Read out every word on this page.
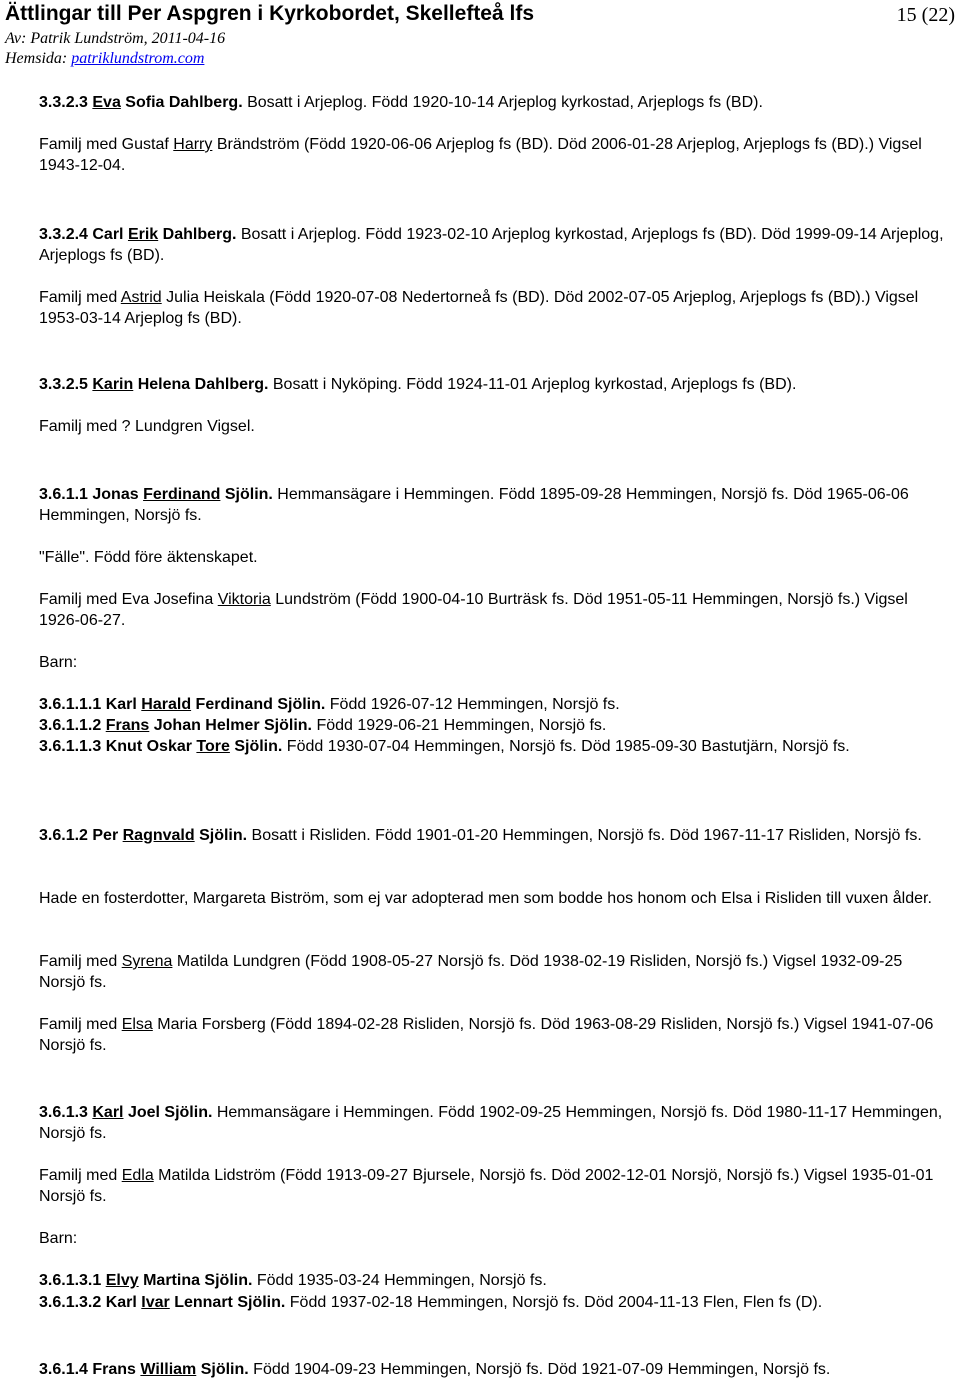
Ättlingar till Per Aspgren i Kyrkobordet, Skellefteå lfs	15 (22)
Av: Patrik Lundström, 2011-04-16
Hemsida: patriklundstrom.com

3.3.2.3 Eva Sofia Dahlberg. Bosatt i Arjeplog. Född 1920-10-14 Arjeplog kyrkostad, Arjeplogs fs (BD).

Familj med Gustaf Harry Brändström (Född 1920-06-06 Arjeplog fs (BD). Död 2006-01-28 Arjeplog, Arjeplogs fs (BD).) Vigsel 1943-12-04.

3.3.2.4 Carl Erik Dahlberg. Bosatt i Arjeplog. Född 1923-02-10 Arjeplog kyrkostad, Arjeplogs fs (BD). Död 1999-09-14 Arjeplog, Arjeplogs fs (BD).

Familj med Astrid Julia Heiskala (Född 1920-07-08 Nedertorneå fs (BD). Död 2002-07-05 Arjeplog, Arjeplogs fs (BD).) Vigsel 1953-03-14 Arjeplog fs (BD).

3.3.2.5 Karin Helena Dahlberg. Bosatt i Nyköping. Född 1924-11-01 Arjeplog kyrkostad, Arjeplogs fs (BD).

Familj med ? Lundgren Vigsel.

3.6.1.1 Jonas Ferdinand Sjölin. Hemmansägare i Hemmingen. Född 1895-09-28 Hemmingen, Norsjö fs. Död 1965-06-06 Hemmingen, Norsjö fs.

"Fälle". Född före äktenskapet.

Familj med Eva Josefina Viktoria Lundström (Född 1900-04-10 Burträsk fs. Död 1951-05-11 Hemmingen, Norsjö fs.) Vigsel 1926-06-27.

Barn:

3.6.1.1.1 Karl Harald Ferdinand Sjölin. Född 1926-07-12 Hemmingen, Norsjö fs.

3.6.1.1.2 Frans Johan Helmer Sjölin. Född 1929-06-21 Hemmingen, Norsjö fs.

3.6.1.1.3 Knut Oskar Tore Sjölin. Född 1930-07-04 Hemmingen, Norsjö fs. Död 1985-09-30 Bastutjärn, Norsjö fs.

3.6.1.2 Per Ragnvald Sjölin. Bosatt i Risliden. Född 1901-01-20 Hemmingen, Norsjö fs. Död 1967-11-17 Risliden, Norsjö fs.

Hade en fosterdotter, Margareta Biström, som ej var adopterad men som bodde hos honom och Elsa i Risliden till vuxen ålder.

Familj med Syrena Matilda Lundgren (Född 1908-05-27 Norsjö fs. Död 1938-02-19 Risliden, Norsjö fs.) Vigsel 1932-09-25 Norsjö fs.

Familj med Elsa Maria Forsberg (Född 1894-02-28 Risliden, Norsjö fs. Död 1963-08-29 Risliden, Norsjö fs.) Vigsel 1941-07-06 Norsjö fs.

3.6.1.3 Karl Joel Sjölin. Hemmansägare i Hemmingen. Född 1902-09-25 Hemmingen, Norsjö fs. Död 1980-11-17 Hemmingen, Norsjö fs.

Familj med Edla Matilda Lidström (Född 1913-09-27 Bjursele, Norsjö fs. Död 2002-12-01 Norsjö, Norsjö fs.) Vigsel 1935-01-01 Norsjö fs.

Barn:

3.6.1.3.1 Elvy Martina Sjölin. Född 1935-03-24 Hemmingen, Norsjö fs.

3.6.1.3.2 Karl Ivar Lennart Sjölin. Född 1937-02-18 Hemmingen, Norsjö fs. Död 2004-11-13 Flen, Flen fs (D).

3.6.1.4 Frans William Sjölin. Född 1904-09-23 Hemmingen, Norsjö fs. Död 1921-07-09 Hemmingen, Norsjö fs.
